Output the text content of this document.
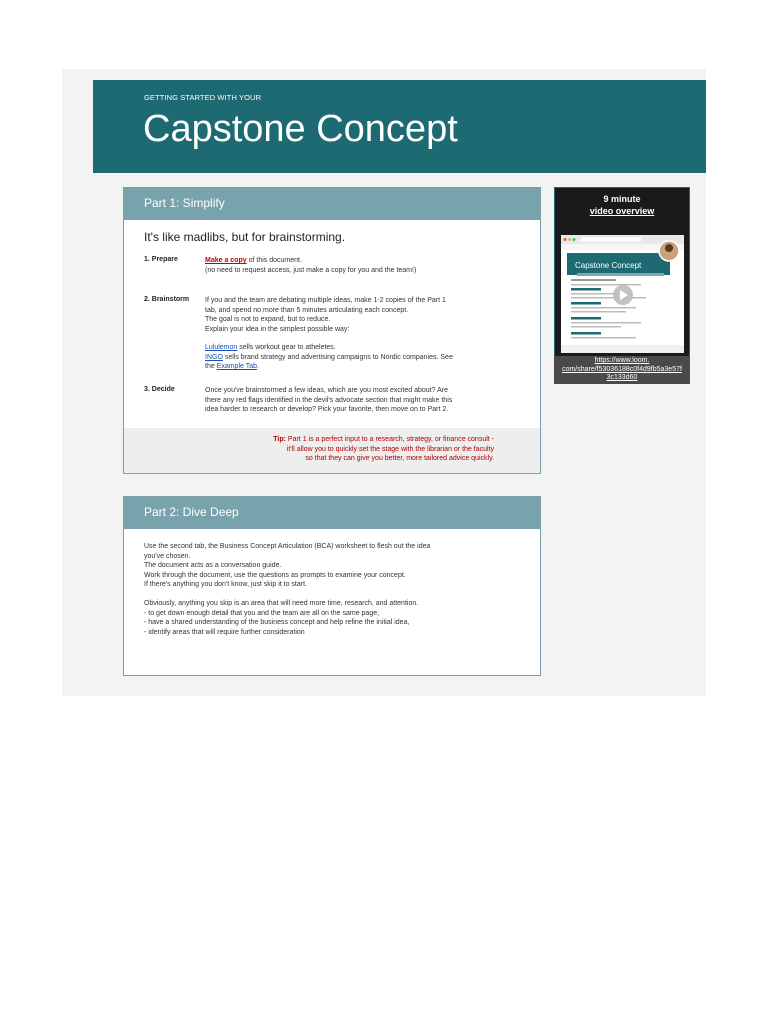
GETTING STARTED WITH YOUR
Capstone Concept
Part 1: Simplify
It's like madlibs, but for brainstorming.
1. Prepare	Make a copy of this document.
(no need to request access, just make a copy for you and the team!)
2. Brainstorm If you and the team are debating multiple ideas, make 1-2 copies of the Part 1
tab, and spend no more than 5 minutes articulating each concept.
The goal is not to expand, but to reduce.
Explain your idea in the simplest possible way:
Lululemon sells workout gear to atheletes.
INGO sells brand strategy and advertising campaigns to Nordic companies. See
the Example Tab.
3. Decide	Once you've brainstormed a few ideas, which are you most excited about? Are
there any red flags identified in the devil's advocate section that might make this
idea harder to research or develop? Pick your favorite, then move on to Part 2.
Tip: Part 1 is a perfect input to a research, strategy, or finance consult -
it'll allow you to quickly set the stage with the librarian or the faculty
so that they can give you better, more tailored advice quickly.
Part 2: Dive Deep
Use the second tab, the Business Concept Articulation (BCA) worksheet to flesh out the idea
you've chosen.
The document acts as a conversation guide.
Work through the document, use the questions as prompts to examine your concept.
If there's anything you don't know, just skip it to start.
Obviously, anything you skip is an area that will need more time, research, and attention.
- to get down enough detail that you and the team are all on the same page,
- have a shared understanding of the business concept and help refine the initial idea,
- identify areas that will require further consideration
9 minute
video overview
Capstone Concept
https://www.loom.
com/share/f53036188c0f4d9fb5a3e57f
3c133d60
